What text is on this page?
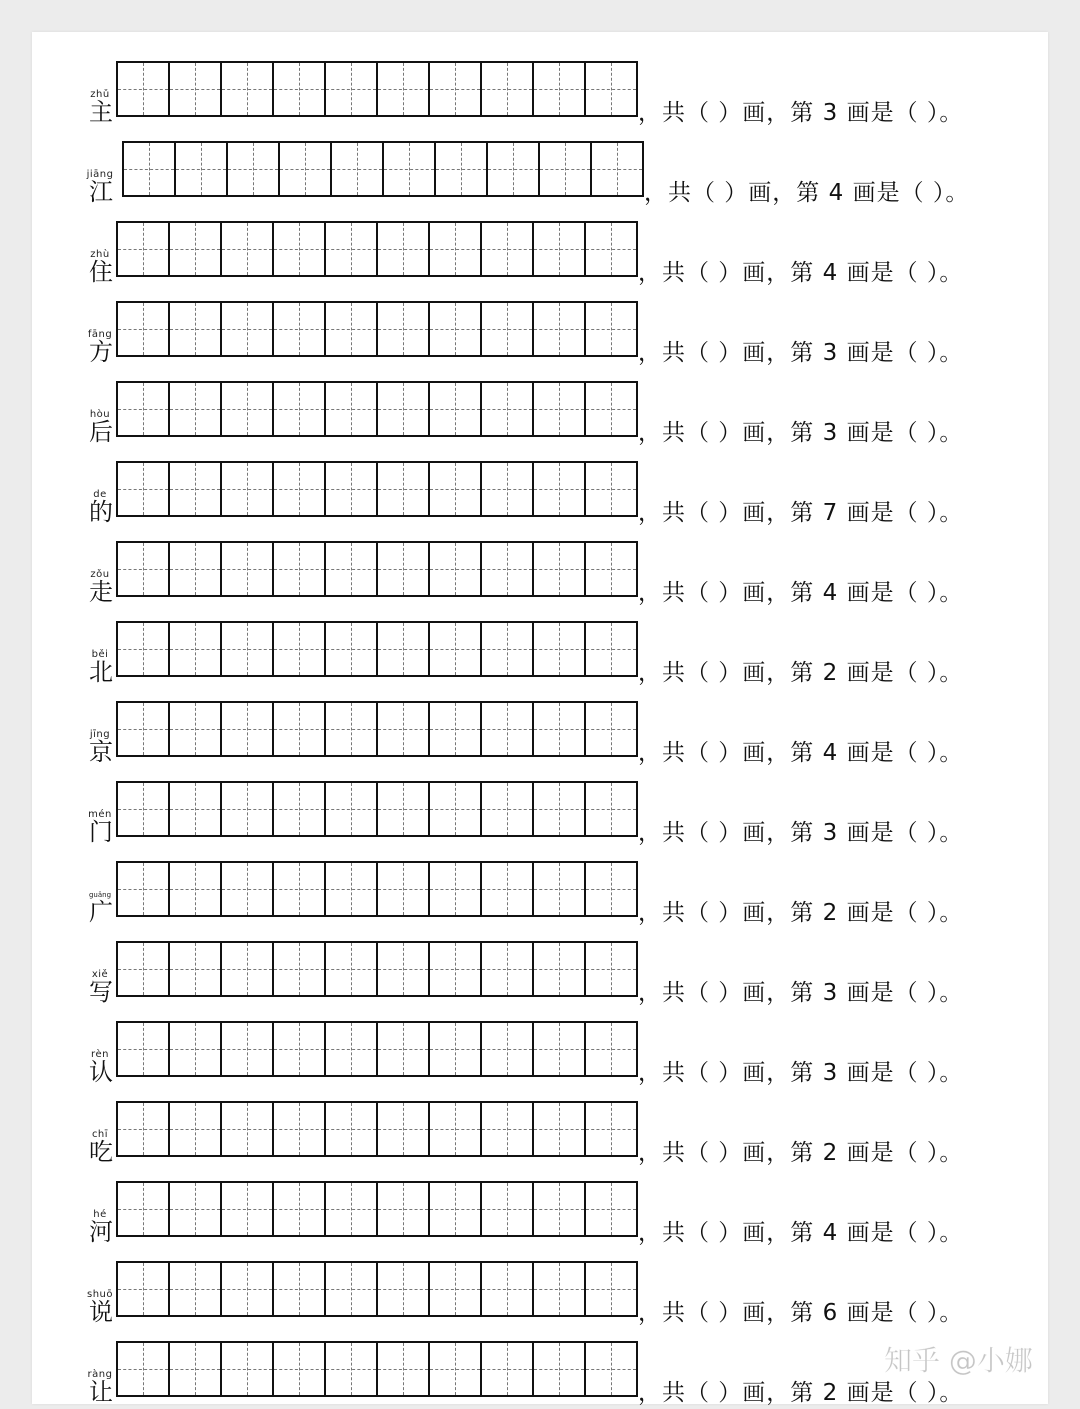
zhǔ
主	，共（ ）画，第 3 画是（ ）。
jiāng
江	，共（ ）画，第 4 画是（ ）。
zhù
住	，共（ ）画，第 4 画是（ ）。
fāng
方	，共（ ）画，第 3 画是（ ）。
hòu
后	，共（ ）画，第 3 画是（ ）。
de
的	，共（ ）画，第 7 画是（ ）。
zǒu
走	，共（ ）画，第 4 画是（ ）。
běi
北	，共（ ）画，第 2 画是（ ）。
jīng
京	，共（ ）画，第 4 画是（ ）。
mén
门	，共（ ）画，第 3 画是（ ）。
guǎng
广	，共（ ）画，第 2 画是（ ）。
xiě
写	，共（ ）画，第 3 画是（ ）。
rèn
认	，共（ ）画，第 3 画是（ ）。
chī
吃	，共（ ）画，第 2 画是（ ）。
hé
河	，共（ ）画，第 4 画是（ ）。
shuō
说	，共（ ）画，第 6 画是（ ）。
ràng
让	，共（ ）画，第 2 画是（ ）。
知乎 @小娜
